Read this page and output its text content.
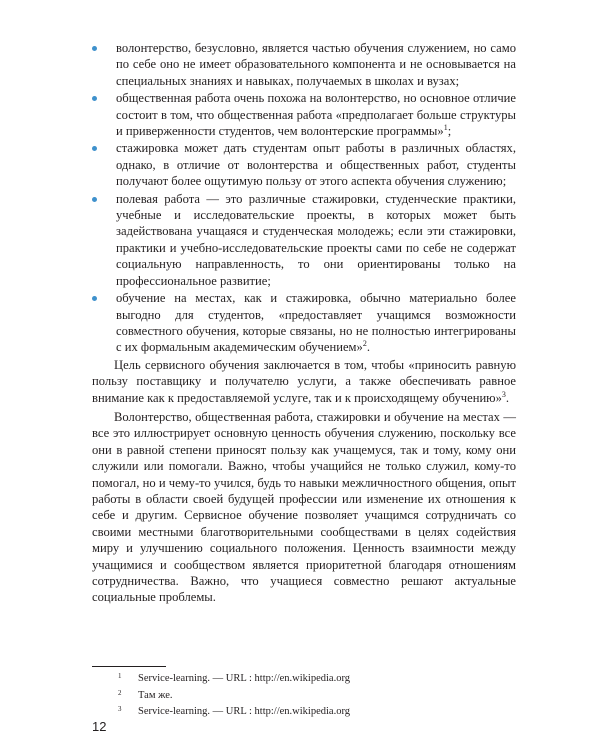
волонтерство, безусловно, является частью обучения служением, но само по себе оно не имеет образовательного компонента и не основывается на специальных знаниях и навыках, получаемых в школах и вузах;
общественная работа очень похожа на волонтерство, но основное отличие состоит в том, что общественная работа «предполагает больше структуры и приверженности студентов, чем волонтерские программы»$^1$;
стажировка может дать студентам опыт работы в различных областях, однако, в отличие от волонтерства и общественных работ, студенты получают более ощутимую пользу от этого аспекта обучения служению;
полевая работа — это различные стажировки, студенческие практики, учебные и исследовательские проекты, в которых может быть задействована учащаяся и студенческая молодежь; если эти стажировки, практики и учебно-исследовательские проекты сами по себе не содержат социальную направленность, то они ориентированы только на профессиональное развитие;
обучение на местах, как и стажировка, обычно материально более выгодно для студентов, «предоставляет учащимся возможности совместного обучения, которые связаны, но не полностью интегрированы с их формальным академическим обучением»$^2$.

Цель сервисного обучения заключается в том, чтобы «приносить равную пользу поставщику и получателю услуги, а также обеспечивать равное внимание как к предоставляемой услуге, так и к происходящему обучению»$^3$.

Волонтерство, общественная работа, стажировки и обучение на местах — все это иллюстрирует основную ценность обучения служению, поскольку все они в равной степени приносят пользу как учащемуся, так и тому, кому они служили или помогали. Важно, чтобы учащийся не только служил, кому-то помогал, но и чему-то учился, будь то навыки межличностного общения, опыт работы в области своей будущей профессии или изменение их отношения к себе и другим. Сервисное обучение позволяет учащимся сотрудничать со своими местными благотворительными сообществами в целях содействия миру и улучшению социального положения. Ценность взаимности между учащимися и сообществом является приоритетной благодаря отношениям сотрудничества. Важно, что учащиеся совместно решают актуальные социальные проблемы.

1 Service-learning. — URL : http://en.wikipedia.org
2 Там же.
3 Service-learning. — URL : http://en.wikipedia.org
12
